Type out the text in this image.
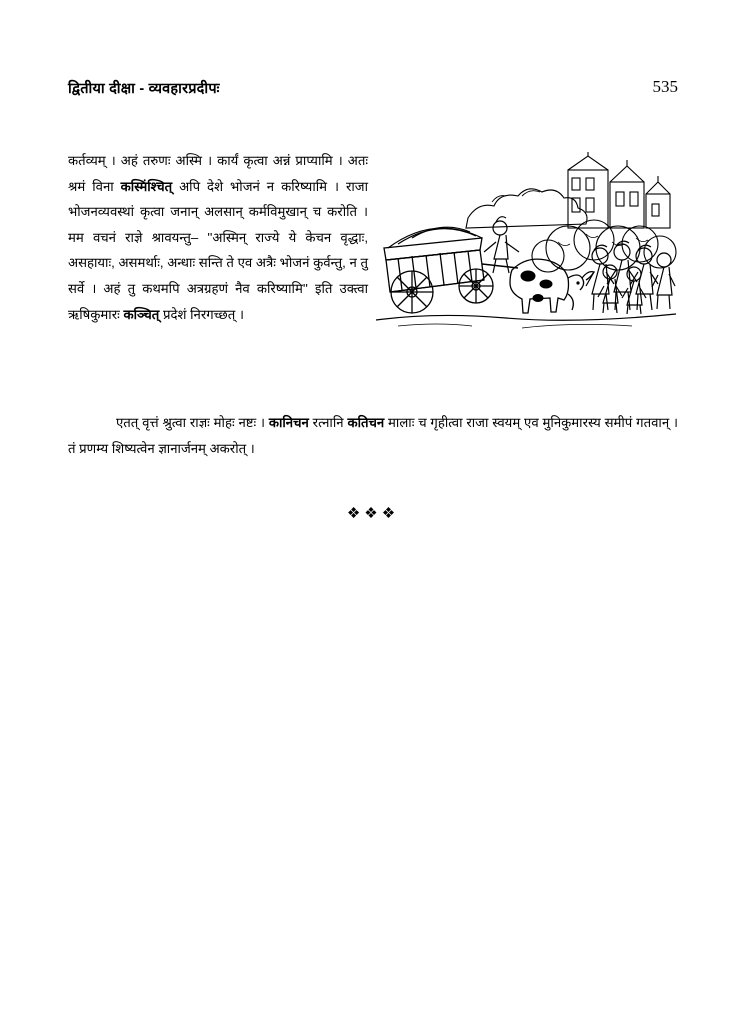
द्वितीया दीक्षा - व्यवहारप्रदीपः	535

कर्तव्यम् । अहं तरुणः अस्मि । कार्यं कृत्वा अन्नं प्राप्यामि । अतः श्रमं विना कस्मिंश्चित् अपि देशे भोजनं न करिष्यामि । राजा भोजनव्यवस्थां कृत्वा जनान् अलसान् कर्मविमुखान् च करोति । मम वचनं राज्ञे श्रावयन्तु– ''अस्मिन् राज्ये ये केचन वृद्धाः, असहायाः, असमर्थाः, अन्धाः सन्ति ते एव अत्रैः भोजनं कुर्वन्तु, न तु सर्वे । अहं तु कथमपि अत्रग्रहणं नैव करिष्यामि'' इति उक्त्वा ऋषिकुमारः कञ्चित् प्रदेशं निरगच्छत् ।

एतत् वृत्तं श्रुत्वा राज्ञः मोहः नष्टः । कानिचन रत्नानि कतिचन मालाः च गृहीत्वा राजा स्वयम् एव मुनिकुमारस्य समीपं गतवान् । तं प्रणम्य शिष्यत्वेन ज्ञानार्जनम् अकरोत् ।

❖❖❖
